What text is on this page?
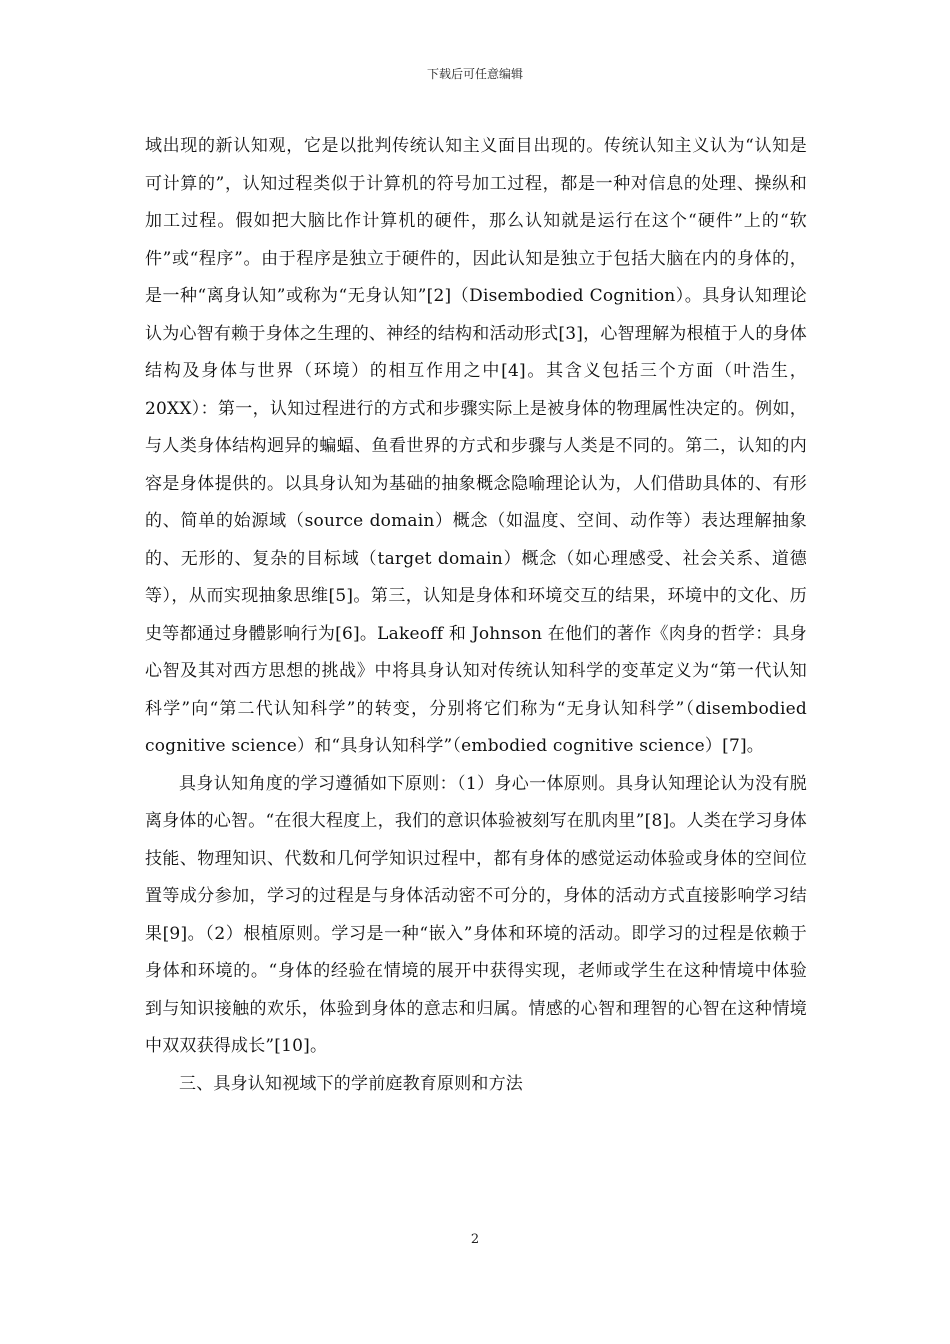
下载后可任意编辑

域出现的新认知观，它是以批判传统认知主义面目出现的。传统认知主义认为“认知是可计算的”，认知过程类似于计算机的符号加工过程，都是一种对信息的处理、操纵和加工过程。假如把大脑比作计算机的硬件，那么认知就是运行在这个“硬件”上的“软件”或“程序”。由于程序是独立于硬件的，因此认知是独立于包括大脑在内的身体的，是一种“离身认知”或称为“无身认知”[2]（Disembodied Cognition）。具身认知理论认为心智有赖于身体之生理的、神经的结构和活动形式[3]，心智理解为根植于人的身体结构及身体与世界（环境）的相互作用之中[4]。其含义包括三个方面（叶浩生，20XX）：第一，认知过程进行的方式和步骤实际上是被身体的物理属性决定的。例如，与人类身体结构迥异的蝙蝠、鱼看世界的方式和步骤与人类是不同的。第二，认知的内容是身体提供的。以具身认知为基础的抽象概念隐喻理论认为，人们借助具体的、有形的、简单的始源域（source domain）概念（如温度、空间、动作等）表达理解抽象的、无形的、复杂的目标域（target domain）概念（如心理感受、社会关系、道德等），从而实现抽象思维[5]。第三，认知是身体和环境交互的结果，环境中的文化、历史等都通过身體影响行为[6]。Lakeoff 和 Johnson 在他们的著作《肉身的哲学：具身心智及其对西方思想的挑战》中将具身认知对传统认知科学的变革定义为“第一代认知科学”向“第二代认知科学”的转变，分别将它们称为“无身认知科学”（disembodied cognitive science）和“具身认知科学”（embodied cognitive science）[7]。

具身认知角度的学习遵循如下原则：（1）身心一体原则。具身认知理论认为没有脱离身体的心智。“在很大程度上，我们的意识体验被刻写在肌肉里”[8]。人类在学习身体技能、物理知识、代数和几何学知识过程中，都有身体的感觉运动体验或身体的空间位置等成分参加，学习的过程是与身体活动密不可分的，身体的活动方式直接影响学习结果[9]。（2）根植原则。学习是一种“嵌入”身体和环境的活动。即学习的过程是依赖于身体和环境的。“身体的经验在情境的展开中获得实现，老师或学生在这种情境中体验到与知识接触的欢乐，体验到身体的意志和归属。情感的心智和理智的心智在这种情境中双双获得成长”[10]。

三、具身认知视域下的学前庭教育原则和方法

2
